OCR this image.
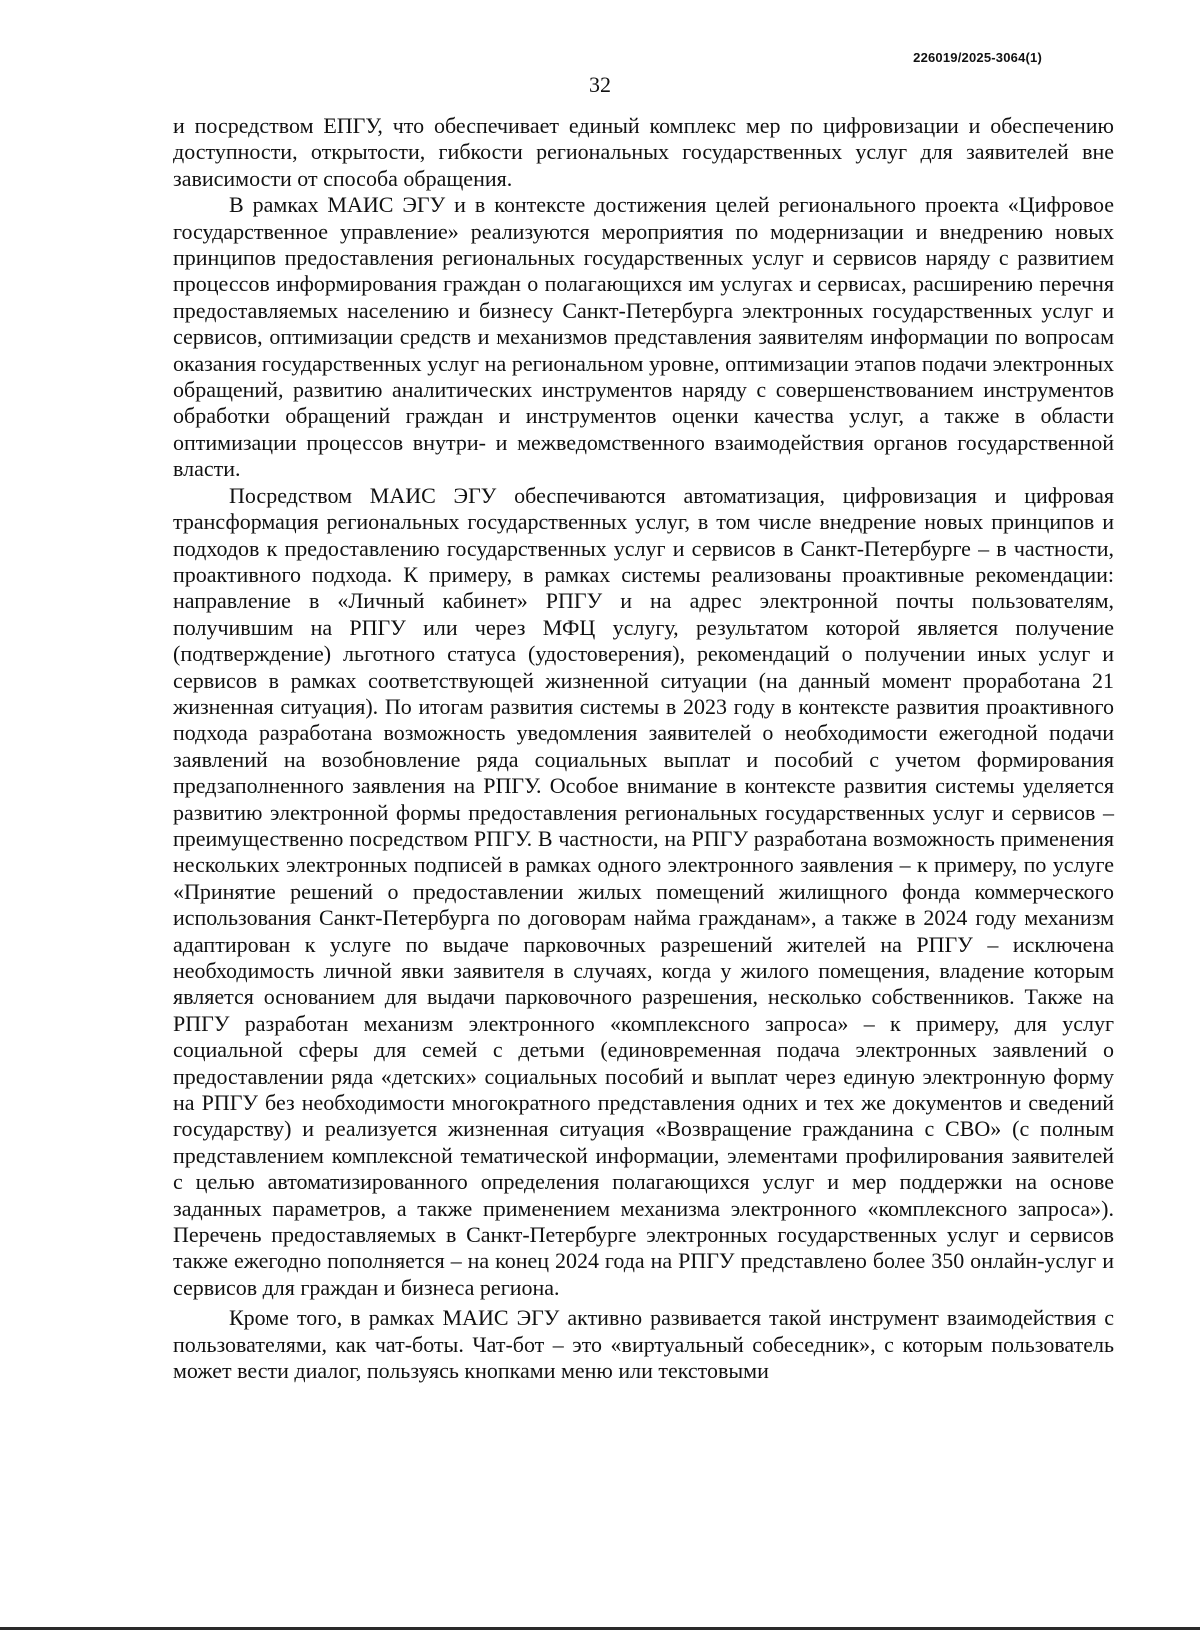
226019/2025-3064(1)
32

и посредством ЕПГУ, что обеспечивает единый комплекс мер по цифровизации и обеспечению доступности, открытости, гибкости региональных государственных услуг для заявителей вне зависимости от способа обращения.

В рамках МАИС ЭГУ и в контексте достижения целей регионального проекта «Цифровое государственное управление» реализуются мероприятия по модернизации и внедрению новых принципов предоставления региональных государственных услуг и сервисов наряду с развитием процессов информирования граждан о полагающихся им услугах и сервисах, расширению перечня предоставляемых населению и бизнесу Санкт-Петербурга электронных государственных услуг и сервисов, оптимизации средств и механизмов представления заявителям информации по вопросам оказания государственных услуг на региональном уровне, оптимизации этапов подачи электронных обращений, развитию аналитических инструментов наряду с совершенствованием инструментов обработки обращений граждан и инструментов оценки качества услуг, а также в области оптимизации процессов внутри- и межведомственного взаимодействия органов государственной власти.

Посредством МАИС ЭГУ обеспечиваются автоматизация, цифровизация и цифровая трансформация региональных государственных услуг, в том числе внедрение новых принципов и подходов к предоставлению государственных услуг и сервисов в Санкт-Петербурге – в частности, проактивного подхода. К примеру, в рамках системы реализованы проактивные рекомендации: направление в «Личный кабинет» РПГУ и на адрес электронной почты пользователям, получившим на РПГУ или через МФЦ услугу, результатом которой является получение (подтверждение) льготного статуса (удостоверения), рекомендаций о получении иных услуг и сервисов в рамках соответствующей жизненной ситуации (на данный момент проработана 21 жизненная ситуация). По итогам развития системы в 2023 году в контексте развития проактивного подхода разработана возможность уведомления заявителей о необходимости ежегодной подачи заявлений на возобновление ряда социальных выплат и пособий с учетом формирования предзаполненного заявления на РПГУ. Особое внимание в контексте развития системы уделяется развитию электронной формы предоставления региональных государственных услуг и сервисов – преимущественно посредством РПГУ. В частности, на РПГУ разработана возможность применения нескольких электронных подписей в рамках одного электронного заявления – к примеру, по услуге «Принятие решений о предоставлении жилых помещений жилищного фонда коммерческого использования Санкт-Петербурга по договорам найма гражданам», а также в 2024 году механизм адаптирован к услуге по выдаче парковочных разрешений жителей на РПГУ – исключена необходимость личной явки заявителя в случаях, когда у жилого помещения, владение которым является основанием для выдачи парковочного разрешения, несколько собственников. Также на РПГУ разработан механизм электронного «комплексного запроса» – к примеру, для услуг социальной сферы для семей с детьми (единовременная подача электронных заявлений о предоставлении ряда «детских» социальных пособий и выплат через единую электронную форму на РПГУ без необходимости многократного представления одних и тех же документов и сведений государству) и реализуется жизненная ситуация «Возвращение гражданина с СВО» (с полным представлением комплексной тематической информации, элементами профилирования заявителей с целью автоматизированного определения полагающихся услуг и мер поддержки на основе заданных параметров, а также применением механизма электронного «комплексного запроса»). Перечень предоставляемых в Санкт-Петербурге электронных государственных услуг и сервисов также ежегодно пополняется – на конец 2024 года на РПГУ представлено более 350 онлайн-услуг и сервисов для граждан и бизнеса региона.

Кроме того, в рамках МАИС ЭГУ активно развивается такой инструмент взаимодействия с пользователями, как чат-боты. Чат-бот – это «виртуальный собеседник», с которым пользователь может вести диалог, пользуясь кнопками меню или текстовыми
